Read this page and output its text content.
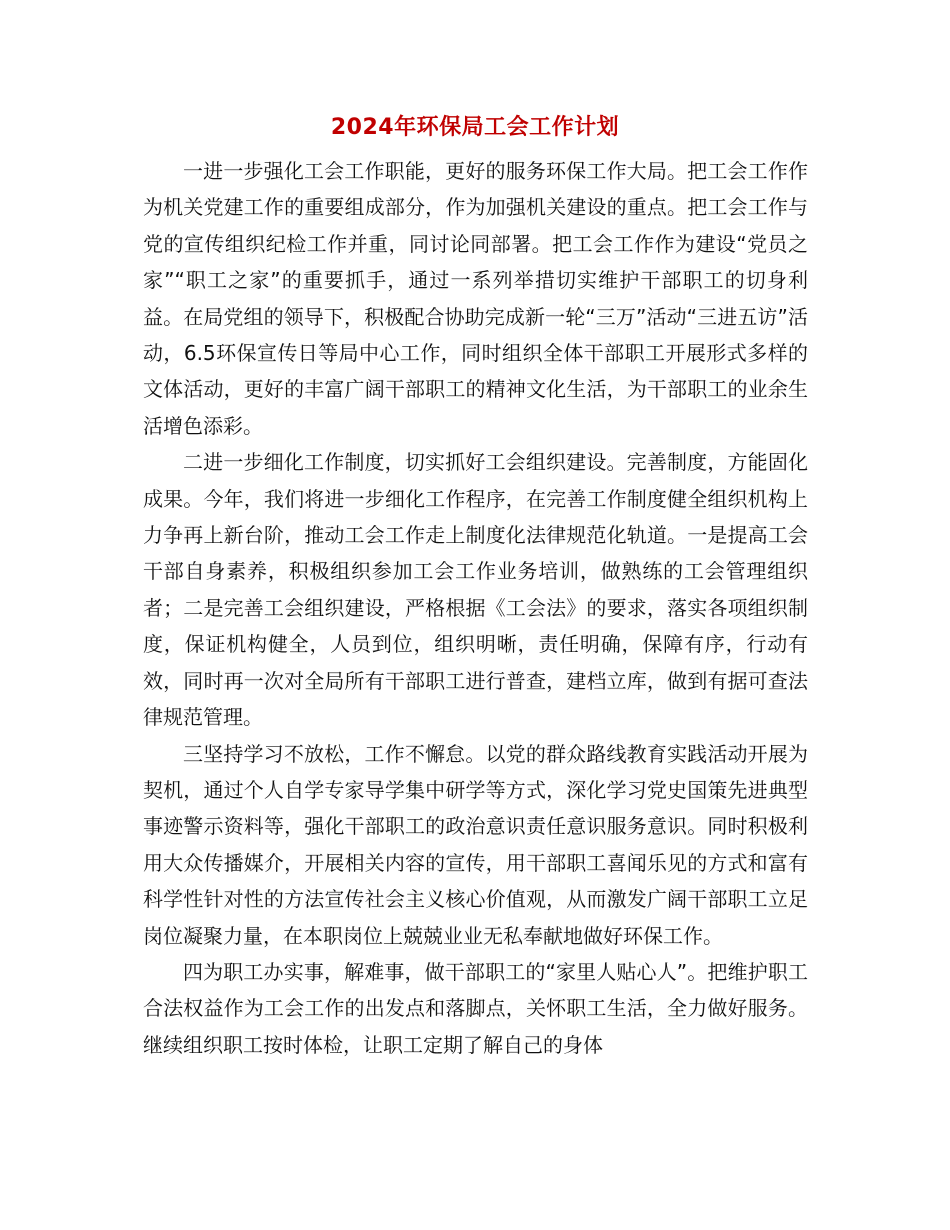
2024年环保局工会工作计划

一进一步强化工会工作职能，更好的服务环保工作大局。把工会工作作为机关党建工作的重要组成部分，作为加强机关建设的重点。把工会工作与党的宣传组织纪检工作并重，同讨论同部署。把工会工作作为建设“党员之家”“职工之家”的重要抓手，通过一系列举措切实维护干部职工的切身利益。在局党组的领导下，积极配合协助完成新一轮“三万”活动“三进五访”活动，6.5环保宣传日等局中心工作，同时组织全体干部职工开展形式多样的文体活动，更好的丰富广阔干部职工的精神文化生活，为干部职工的业余生活增色添彩。

二进一步细化工作制度，切实抓好工会组织建设。完善制度，方能固化成果。今年，我们将进一步细化工作程序，在完善工作制度健全组织机构上力争再上新台阶，推动工会工作走上制度化法律规范化轨道。一是提高工会干部自身素养，积极组织参加工会工作业务培训，做熟练的工会管理组织者；二是完善工会组织建设，严格根据《工会法》的要求，落实各项组织制度，保证机构健全，人员到位，组织明晰，责任明确，保障有序，行动有效，同时再一次对全局所有干部职工进行普查，建档立库，做到有据可查法律规范管理。

三坚持学习不放松，工作不懈怠。以党的群众路线教育实践活动开展为契机，通过个人自学专家导学集中研学等方式，深化学习党史国策先进典型事迹警示资料等，强化干部职工的政治意识责任意识服务意识。同时积极利用大众传播媒介，开展相关内容的宣传，用干部职工喜闻乐见的方式和富有科学性针对性的方法宣传社会主义核心价值观，从而激发广阔干部职工立足岗位凝聚力量，在本职岗位上兢兢业业无私奉献地做好环保工作。

四为职工办实事，解难事，做干部职工的“家里人贴心人”。把维护职工合法权益作为工会工作的出发点和落脚点，关怀职工生活，全力做好服务。继续组织职工按时体检，让职工定期了解自己的身体
